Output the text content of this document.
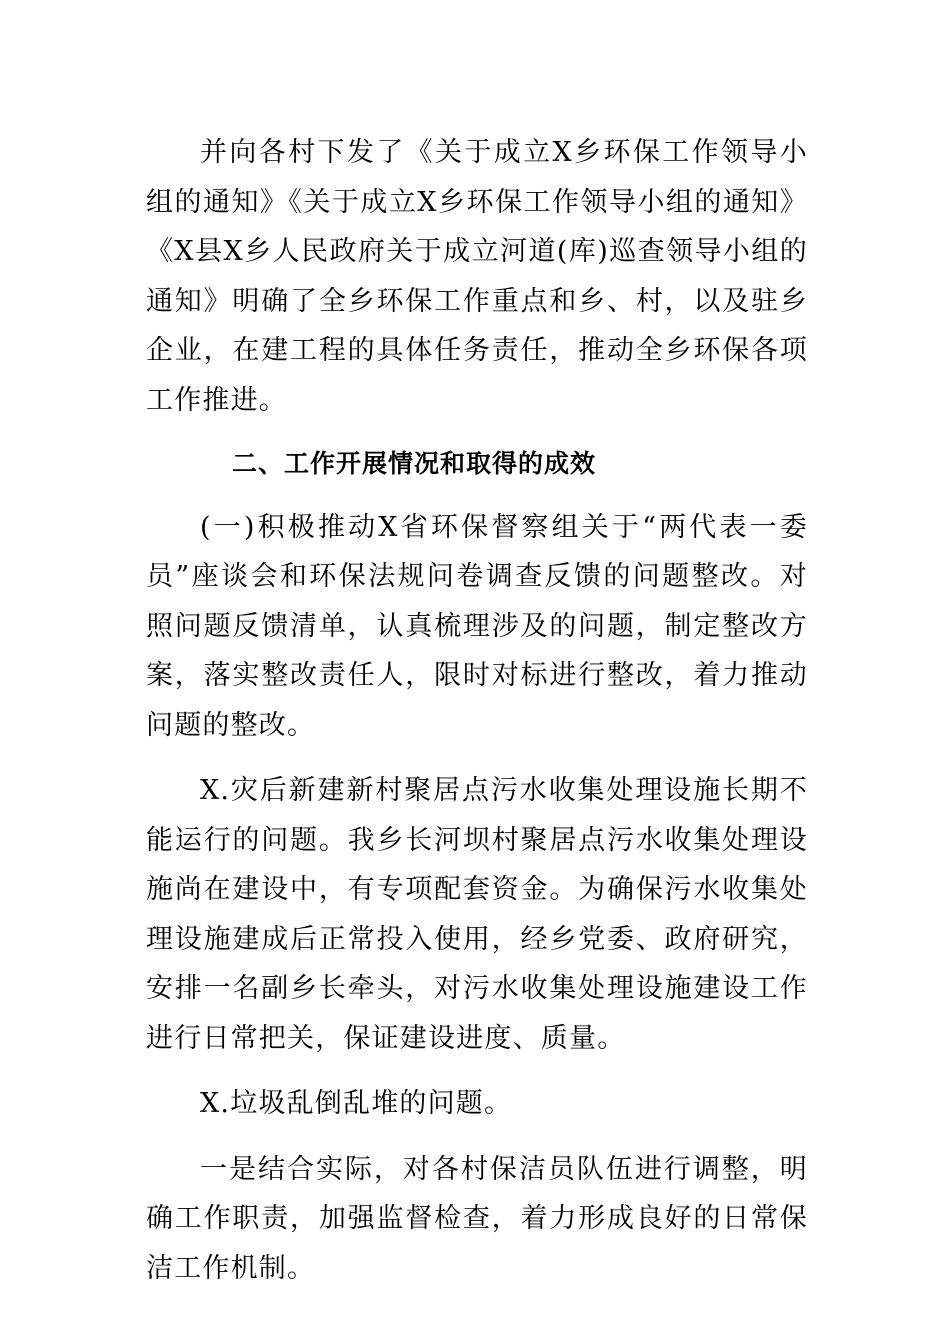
并向各村下发了《关于成立X乡环保工作领导小组的通知》《关于成立X乡环保工作领导小组的通知》《X县X乡人民政府关于成立河道(库)巡查领导小组的通知》明确了全乡环保工作重点和乡、村，以及驻乡企业，在建工程的具体任务责任，推动全乡环保各项工作推进。

二、工作开展情况和取得的成效

(一)积极推动X省环保督察组关于“两代表一委员”座谈会和环保法规问卷调查反馈的问题整改。对照问题反馈清单，认真梳理涉及的问题，制定整改方案，落实整改责任人，限时对标进行整改，着力推动问题的整改。

X.灾后新建新村聚居点污水收集处理设施长期不能运行的问题。我乡长河坝村聚居点污水收集处理设施尚在建设中，有专项配套资金。为确保污水收集处理设施建成后正常投入使用，经乡党委、政府研究，安排一名副乡长牵头，对污水收集处理设施建设工作进行日常把关，保证建设进度、质量。

X.垃圾乱倒乱堆的问题。

一是结合实际，对各村保洁员队伍进行调整，明确工作职责，加强监督检查，着力形成良好的日常保洁工作机制。
